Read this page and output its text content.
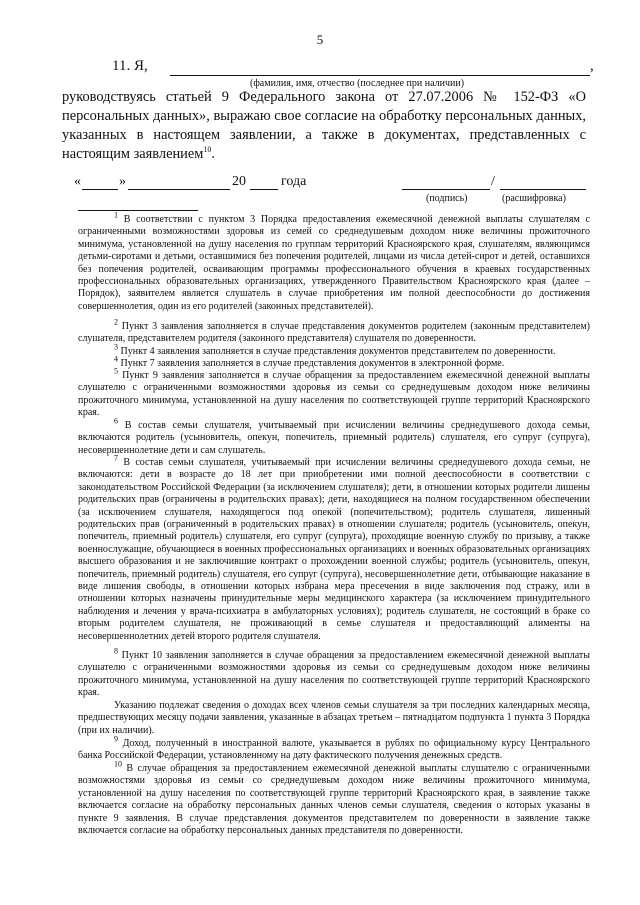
5
11. Я,	,
(фамилия, имя, отчество (последнее при наличии)
руководствуясь статьей 9 Федерального закона от 27.07.2006 № 152-ФЗ «О персональных данных», выражаю свое согласие на обработку персональных данных, указанных в настоящем заявлении, а также в документах, представленных с настоящим заявлением$^{10}$.
«	»	20	года	/
(подпись)	(расшифровка)
$^1$ В соответствии с пунктом 3 Порядка предоставления ежемесячной денежной выплаты слушателям с ограниченными возможностями здоровья из семей со среднедушевым доходом ниже величины прожиточного минимума, установленной на душу населения по группам территорий Красноярского края, слушателям, являющимся детьми-сиротами и детьми, оставшимися без попечения родителей, лицами из числа детей-сирот и детей, оставшихся без попечения родителей, осваивающим программы профессионального обучения в краевых государственных профессиональных образовательных организациях, утвержденного Правительством Красноярского края (далее – Порядок), заявителем является слушатель в случае приобретения им полной дееспособности до достижения совершеннолетия, один из его родителей (законных представителей).
$^2$ Пункт 3 заявления заполняется в случае представления документов родителем (законным представителем) слушателя, представителем родителя (законного представителя) слушателя по доверенности.
$^3$ Пункт 4 заявления заполняется в случае представления документов представителем по доверенности.
$^4$ Пункт 7 заявления заполняется в случае представления документов в электронной форме.
$^5$ Пункт 9 заявления заполняется в случае обращения за предоставлением ежемесячной денежной выплаты слушателю с ограниченными возможностями здоровья из семьи со среднедушевым доходом ниже величины прожиточного минимума, установленной на душу населения по соответствующей группе территорий Красноярского края.
$^6$ В состав семьи слушателя, учитываемый при исчислении величины среднедушевого дохода семьи, включаются родитель (усыновитель, опекун, попечитель, приемный родитель) слушателя, его супруг (супруга), несовершеннолетние дети и сам слушатель.
$^7$ В состав семьи слушателя, учитываемый при исчислении величины среднедушевого дохода семьи, не включаются: дети в возрасте до 18 лет при приобретении ими полной дееспособности в соответствии с законодательством Российской Федерации (за исключением слушателя); дети, в отношении которых родители лишены родительских прав (ограничены в родительских правах); дети, находящиеся на полном государственном обеспечении (за исключением слушателя, находящегося под опекой (попечительством); родитель слушателя, лишенный родительских прав (ограниченный в родительских правах) в отношении слушателя; родитель (усыновитель, опекун, попечитель, приемный родитель) слушателя, его супруг (супруга), проходящие военную службу по призыву, а также военнослужащие, обучающиеся в военных профессиональных организациях и военных образовательных организациях высшего образования и не заключившие контракт о прохождении военной службы; родитель (усыновитель, опекун, попечитель, приемный родитель) слушателя, его супруг (супруга), несовершеннолетние дети, отбывающие наказание в виде лишения свободы, в отношении которых избрана мера пресечения в виде заключения под стражу, или в отношении которых назначены принудительные меры медицинского характера (за исключением принудительного наблюдения и лечения у врача-психиатра в амбулаторных условиях); родитель слушателя, не состоящий в браке со вторым родителем слушателя, не проживающий в семье слушателя и предоставляющий алименты на несовершеннолетних детей второго родителя слушателя.
$^8$ Пункт 10 заявления заполняется в случае обращения за предоставлением ежемесячной денежной выплаты слушателю с ограниченными возможностями здоровья из семьи со среднедушевым доходом ниже величины прожиточного минимума, установленной на душу населения по соответствующей группе территорий Красноярского края.
Указанию подлежат сведения о доходах всех членов семьи слушателя за три последних календарных месяца, предшествующих месяцу подачи заявления, указанные в абзацах третьем – пятнадцатом подпункта 1 пункта 3 Порядка (при их наличии).
$^9$ Доход, полученный в иностранной валюте, указывается в рублях по официальному курсу Центрального банка Российской Федерации, установленному на дату фактического получения денежных средств.
$^{10}$ В случае обращения за предоставлением ежемесячной денежной выплаты слушателю с ограниченными возможностями здоровья из семьи со среднедушевым доходом ниже величины прожиточного минимума, установленной на душу населения по соответствующей группе территорий Красноярского края, в заявление также включается согласие на обработку персональных данных членов семьи слушателя, сведения о которых указаны в пункте 9 заявления. В случае представления документов представителем по доверенности в заявление также включается согласие на обработку персональных данных представителя по доверенности.
